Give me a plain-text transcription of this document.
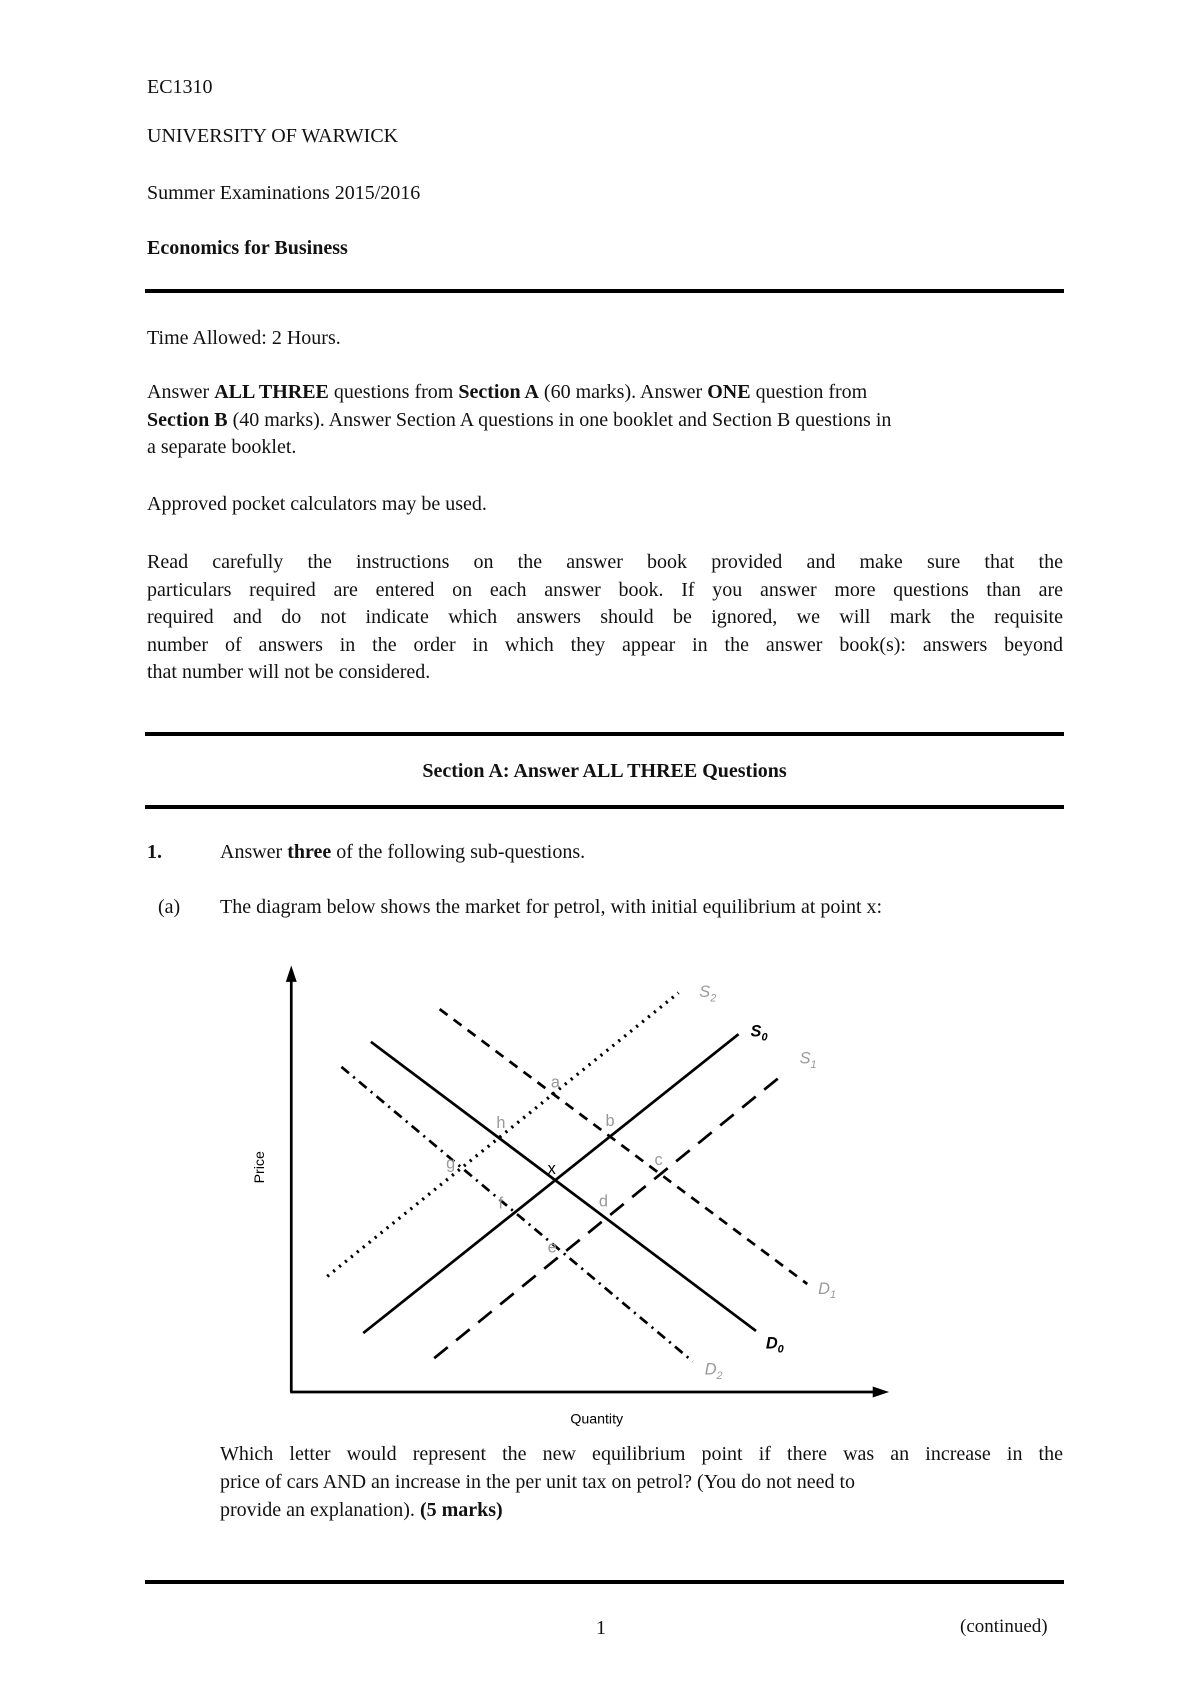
EC1310
UNIVERSITY OF WARWICK
Summer Examinations 2015/2016
Economics for Business
Time Allowed: 2 Hours.
Answer ALL THREE questions from Section A (60 marks). Answer ONE question from
Section B (40 marks). Answer Section A questions in one booklet and Section B questions in
a separate booklet.
Approved pocket calculators may be used.
Read carefully the instructions on the answer book provided and make sure that the
particulars required are entered on each answer book. If you answer more questions than are
required and do not indicate which answers should be ignored, we will mark the requisite
number of answers in the order in which they appear in the answer book(s): answers beyond
that number will not be considered.
Section A: Answer ALL THREE Questions
1.	Answer three of the following sub-questions.
(a) The diagram below shows the market for petrol, with initial equilibrium at point x:
$S_0$
$S_1$
$S_2$
$D_0$
$D_1$
$D_2$
a
b
c
d
e
f
g
h
x
Quantity
Price
Which letter would represent the new equilibrium point if there was an increase in the
price of cars AND an increase in the per unit tax on petrol? (You do not need to
provide an explanation). (5 marks)
1	(continued)
